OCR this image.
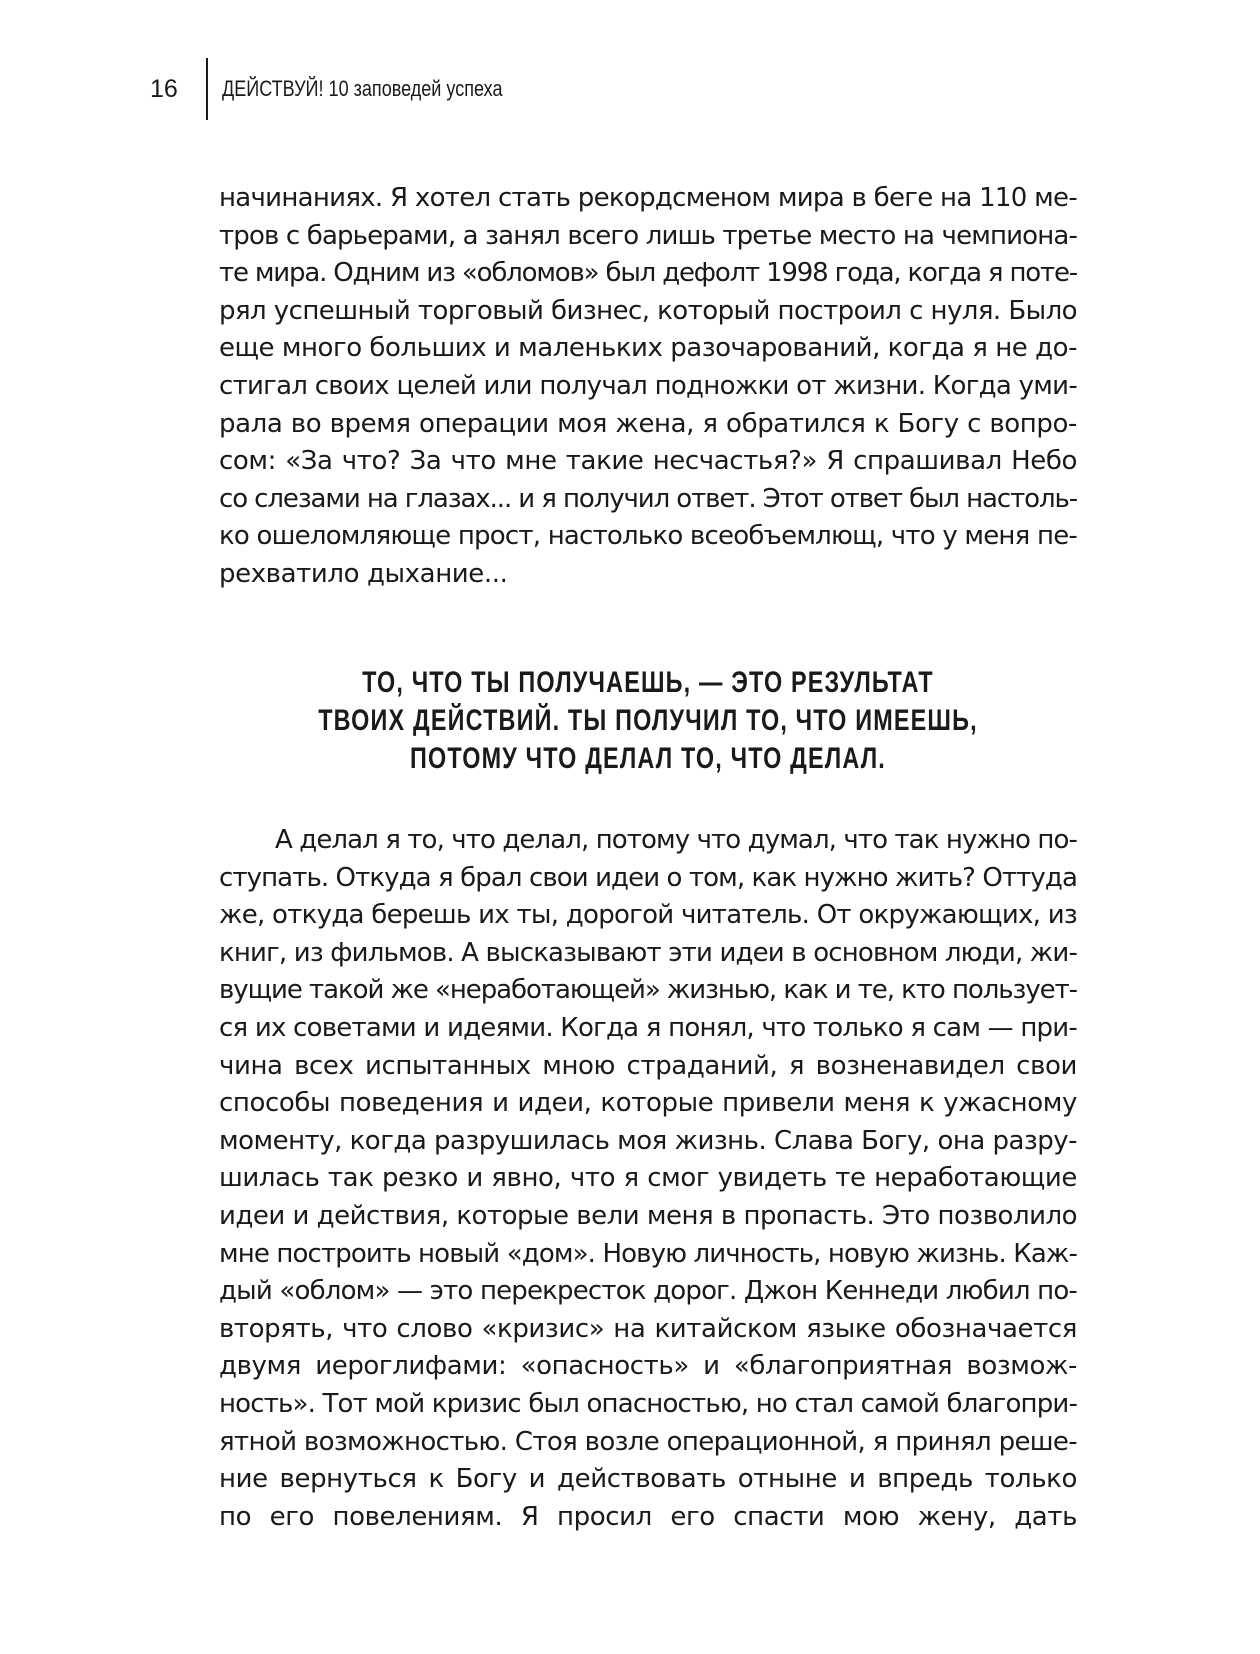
16	ДЕЙСТВУЙ! 10 заповедей успеха
начинаниях. Я хотел стать рекордсменом мира в беге на 110 ме-
тров с барьерами, а занял всего лишь третье место на чемпиона-
те мира. Одним из «обломов» был дефолт 1998 года, когда я поте-
рял успешный торговый бизнес, который построил с нуля. Было
еще много больших и маленьких разочарований, когда я не до-
стигал своих целей или получал подножки от жизни. Когда уми-
рала во время операции моя жена, я обратился к Богу с вопро-
сом: «За что? За что мне такие несчастья?» Я спрашивал Небо
со слезами на глазах... и я получил ответ. Этот ответ был настоль-
ко ошеломляюще прост, настолько всеобъемлющ, что у меня пе-
рехватило дыхание...
ТО, ЧТО ТЫ ПОЛУЧАЕШЬ, — ЭТО РЕЗУЛЬТАТ
ТВОИХ ДЕЙСТВИЙ. ТЫ ПОЛУЧИЛ ТО, ЧТО ИМЕЕШЬ,
ПОТОМУ ЧТО ДЕЛАЛ ТО, ЧТО ДЕЛАЛ.
А делал я то, что делал, потому что думал, что так нужно по-
ступать. Откуда я брал свои идеи о том, как нужно жить? Оттуда
же, откуда берешь их ты, дорогой читатель. От окружающих, из
книг, из фильмов. А высказывают эти идеи в основном люди, жи-
вущие такой же «неработающей» жизнью, как и те, кто пользует-
ся их советами и идеями. Когда я понял, что только я сам — при-
чина всех испытанных мною страданий, я возненавидел свои
способы поведения и идеи, которые привели меня к ужасному
моменту, когда разрушилась моя жизнь. Слава Богу, она разру-
шилась так резко и явно, что я смог увидеть те неработающие
идеи и действия, которые вели меня в пропасть. Это позволило
мне построить новый «дом». Новую личность, новую жизнь. Каж-
дый «облом» — это перекресток дорог. Джон Кеннеди любил по-
вторять, что слово «кризис» на китайском языке обозначается
двумя иероглифами: «опасность» и «благоприятная возмож-
ность». Тот мой кризис был опасностью, но стал самой благопри-
ятной возможностью. Стоя возле операционной, я принял реше-
ние вернуться к Богу и действовать отныне и впредь только
по его повелениям. Я просил его спасти мою жену, дать
